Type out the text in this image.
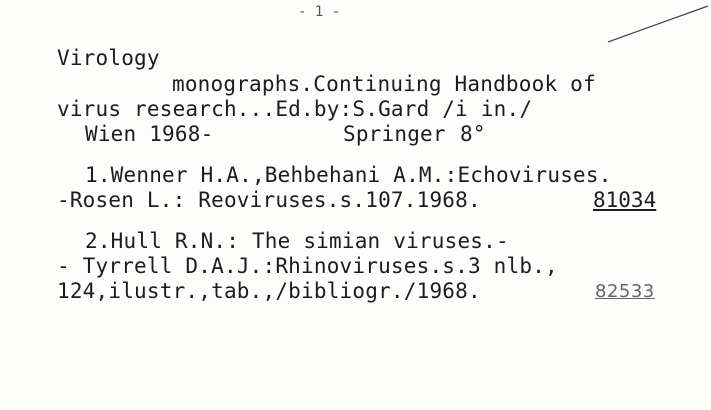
- 1 -
Virology
monographs.Continuing Handbook of
virus research...Ed.by:S.Gard /i in./
Wien 1968-	Springer 8°
1.Wenner H.A.,Behbehani A.M.:Echoviruses.
-Rosen L.: Reoviruses.s.107.1968.	81034
2.Hull R.N.: The simian viruses.-
- Tyrrell D.A.J.:Rhinoviruses.s.3 nlb.,
124,ilustr.,tab.,/bibliogr./1968.	82533
